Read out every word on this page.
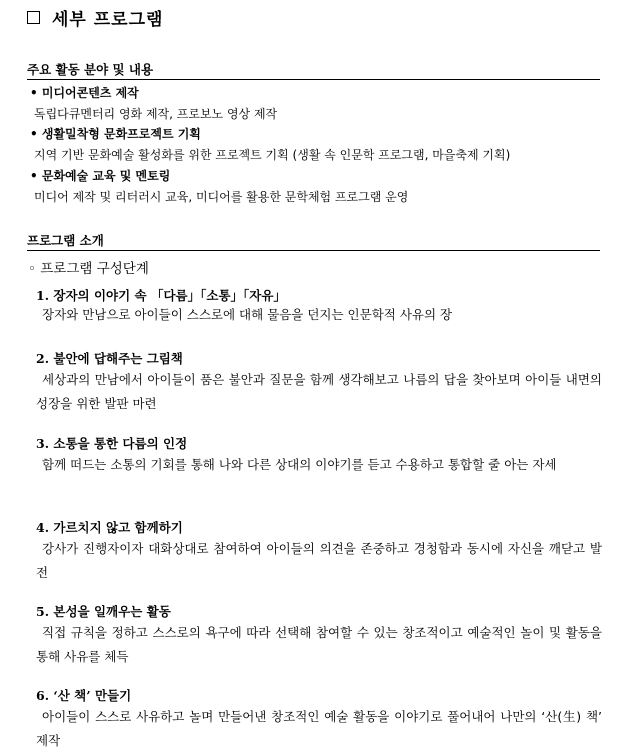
세부 프로그램
주요 활동 분야 및 내용
• 미디어콘텐츠 제작
독립다큐멘터리 영화 제작, 프로보노 영상 제작
• 생활밀착형 문화프로젝트 기획
지역 기반 문화예술 활성화를 위한 프로젝트 기획 (생활 속 인문학 프로그램, 마을축제 기획)
• 문화예술 교육 및 멘토링
미디어 제작 및 리터러시 교육, 미디어를 활용한 문학체험 프로그램 운영
프로그램 소개
◦ 프로그램 구성단계
1. 장자의 이야기 속 「다름」「소통」「자유」
장자와 만남으로 아이들이 스스로에 대해 물음을 던지는 인문학적 사유의 장
2. 불안에 답해주는 그림책
세상과의 만남에서 아이들이 품은 불안과 질문을 함께 생각해보고 나름의 답을 찾아보며 아이들 내면의 성장을 위한 발판 마련
3. 소통을 통한 다름의 인정
함께 떠드는 소통의 기회를 통해 나와 다른 상대의 이야기를 듣고 수용하고 통합할 줄 아는 자세
4. 가르치지 않고 함께하기
강사가 진행자이자 대화상대로 참여하여 아이들의 의견을 존중하고 경청함과 동시에 자신을 깨닫고 발전
5. 본성을 일깨우는 활동
직접 규칙을 정하고 스스로의 욕구에 따라 선택해 참여할 수 있는 창조적이고 예술적인 놀이 및 활동을 통해 사유를 체득
6. ‘산 책’ 만들기
아이들이 스스로 사유하고 놀며 만들어낸 창조적인 예술 활동을 이야기로 풀어내어 나만의 ‘산(生) 책’ 제작
